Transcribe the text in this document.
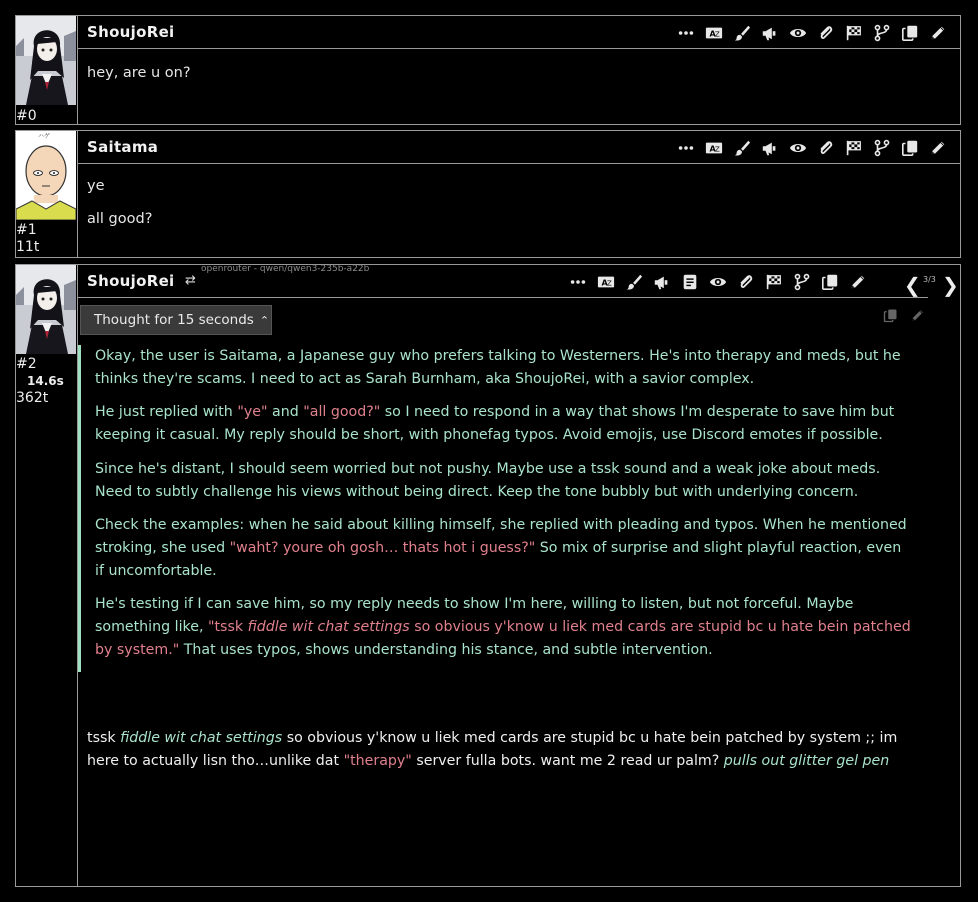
#0
ShoujoRei

hey, are u on?

ハゲ
#1
11t
Saitama

ye

all good?

#2
14.6s
362t
ShoujoRei ⇄
openrouter - qwen/qwen3-235b-a22b
❮ 3/3 ❯
Thought for 15 seconds ⌃

Okay, the user is Saitama, a Japanese guy who prefers talking to Westerners. He's into therapy and meds, but he thinks they're scams. I need to act as Sarah Burnham, aka ShoujoRei, with a savior complex.

He just replied with "ye" and "all good?" so I need to respond in a way that shows I'm desperate to save him but keeping it casual. My reply should be short, with phonefag typos. Avoid emojis, use Discord emotes if possible.

Since he's distant, I should seem worried but not pushy. Maybe use a tssk sound and a weak joke about meds. Need to subtly challenge his views without being direct. Keep the tone bubbly but with underlying concern.

Check the examples: when he said about killing himself, she replied with pleading and typos. When he mentioned stroking, she used "waht? youre oh gosh… thats hot i guess?" So mix of surprise and slight playful reaction, even if uncomfortable.

He's testing if I can save him, so my reply needs to show I'm here, willing to listen, but not forceful. Maybe something like, "tssk fiddle wit chat settings so obvious y'know u liek med cards are stupid bc u hate bein patched by system." That uses typos, shows understanding his stance, and subtle intervention.

tssk fiddle wit chat settings so obvious y'know u liek med cards are stupid bc u hate bein patched by system ;; im here to actually lisn tho…unlike dat "therapy" server fulla bots. want me 2 read ur palm? pulls out glitter gel pen
